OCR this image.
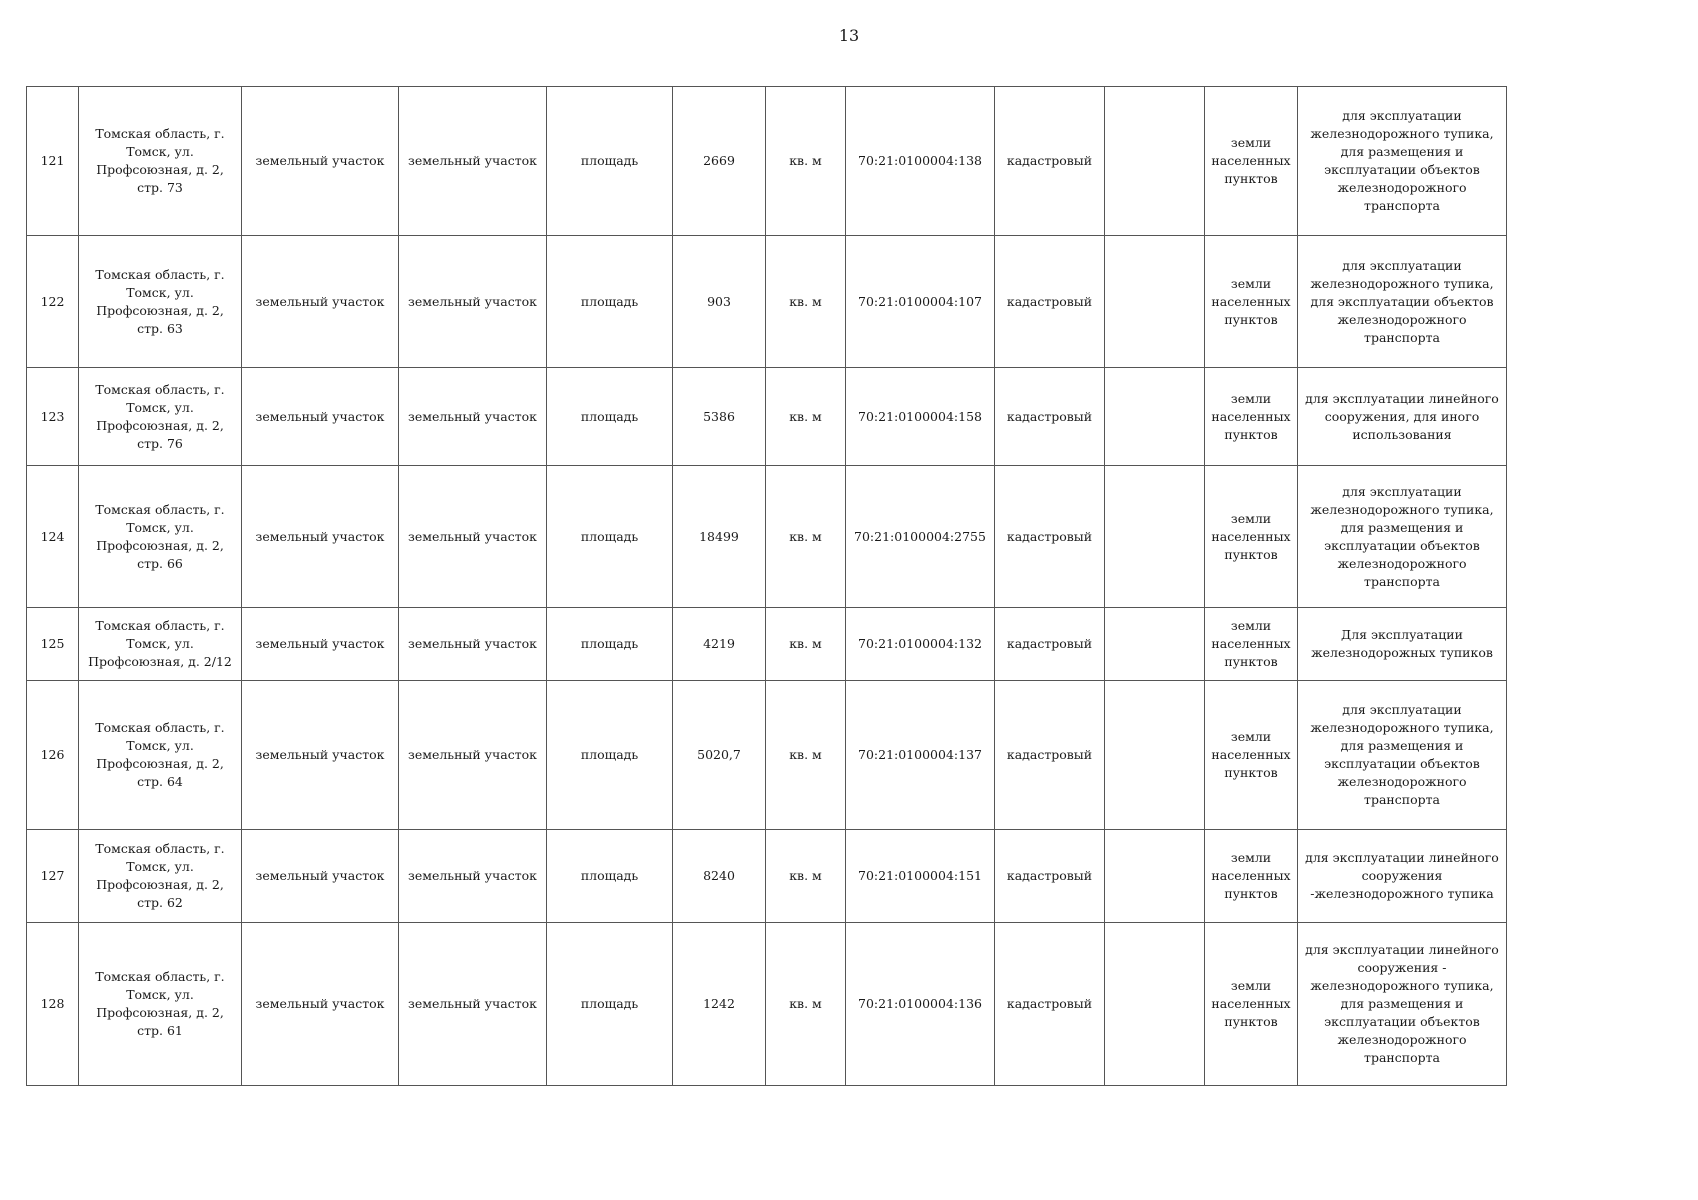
13
121	Томская область, г. Томск, ул. Профсоюзная, д. 2, стр. 73	земельный участок	земельный участок	площадь	2669	кв. м	70:21:0100004:138	кадастровый		земли населенных пунктов	для эксплуатации железнодорожного тупика, для размещения и эксплуатации объектов железнодорожного транспорта
122	Томская область, г. Томск, ул. Профсоюзная, д. 2, стр. 63	земельный участок	земельный участок	площадь	903	кв. м	70:21:0100004:107	кадастровый		земли населенных пунктов	для эксплуатации железнодорожного тупика, для эксплуатации объектов железнодорожного транспорта
123	Томская область, г. Томск, ул. Профсоюзная, д. 2, стр. 76	земельный участок	земельный участок	площадь	5386	кв. м	70:21:0100004:158	кадастровый		земли населенных пунктов	для эксплуатации линейного сооружения, для иного использования
124	Томская область, г. Томск, ул. Профсоюзная, д. 2, стр. 66	земельный участок	земельный участок	площадь	18499	кв. м	70:21:0100004:2755	кадастровый		земли населенных пунктов	для эксплуатации железнодорожного тупика, для размещения и эксплуатации объектов железнодорожного транспорта
125	Томская область, г. Томск, ул. Профсоюзная, д. 2/12	земельный участок	земельный участок	площадь	4219	кв. м	70:21:0100004:132	кадастровый		земли населенных пунктов	Для эксплуатации железнодорожных тупиков
126	Томская область, г. Томск, ул. Профсоюзная, д. 2, стр. 64	земельный участок	земельный участок	площадь	5020,7	кв. м	70:21:0100004:137	кадастровый		земли населенных пунктов	для эксплуатации железнодорожного тупика, для размещения и эксплуатации объектов железнодорожного транспорта
127	Томская область, г. Томск, ул. Профсоюзная, д. 2, стр. 62	земельный участок	земельный участок	площадь	8240	кв. м	70:21:0100004:151	кадастровый		земли населенных пунктов	для эксплуатации линейного сооружения -железнодорожного тупика
128	Томская область, г. Томск, ул. Профсоюзная, д. 2, стр. 61	земельный участок	земельный участок	площадь	1242	кв. м	70:21:0100004:136	кадастровый		земли населенных пунктов	для эксплуатации линейного сооружения - железнодорожного тупика, для размещения и эксплуатации объектов железнодорожного транспорта
